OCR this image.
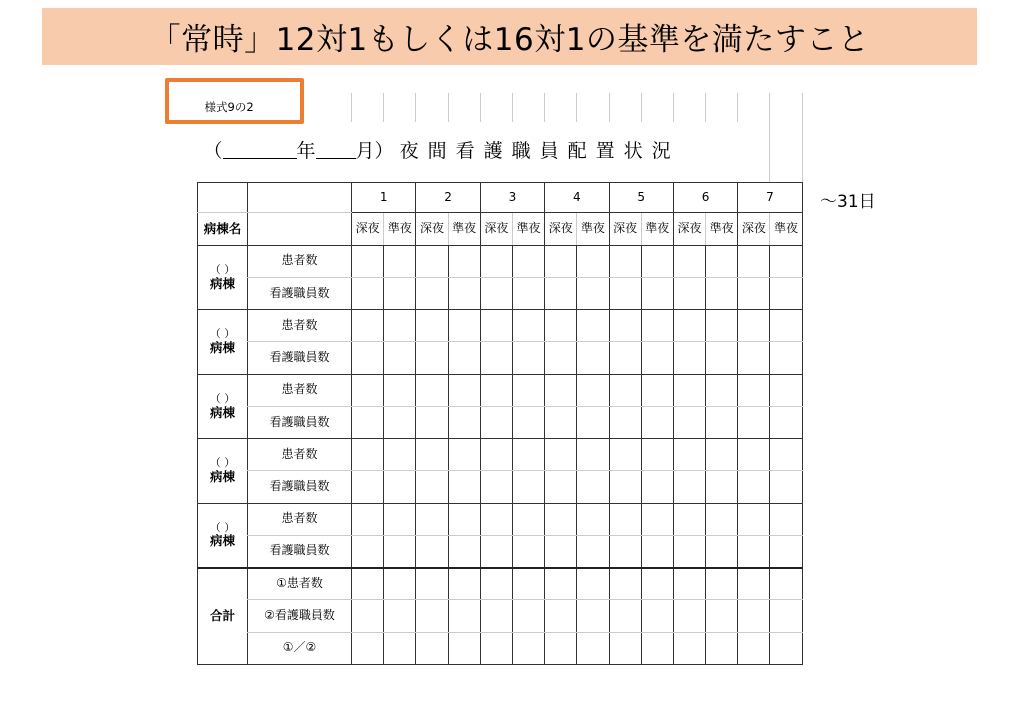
「常時」12対1もしくは16対1の基準を満たすこと
様式9の2															
（ 年 月） 夜間看護職員配置状況															
		1		2		3		4		5		6		7	
病棟名		深夜	準夜	深夜	準夜	深夜	準夜	深夜	準夜	深夜	準夜	深夜	準夜	深夜	準夜

（ ）
病棟	患者数														
	看護職員数														

（ ）
病棟	患者数														
	看護職員数														

（ ）
病棟	患者数														
	看護職員数														

（ ）
病棟	患者数														
	看護職員数														

（ ）
病棟	患者数														
	看護職員数														
合計	①患者数														
	②看護職員数														
	①／②														
〜31日
